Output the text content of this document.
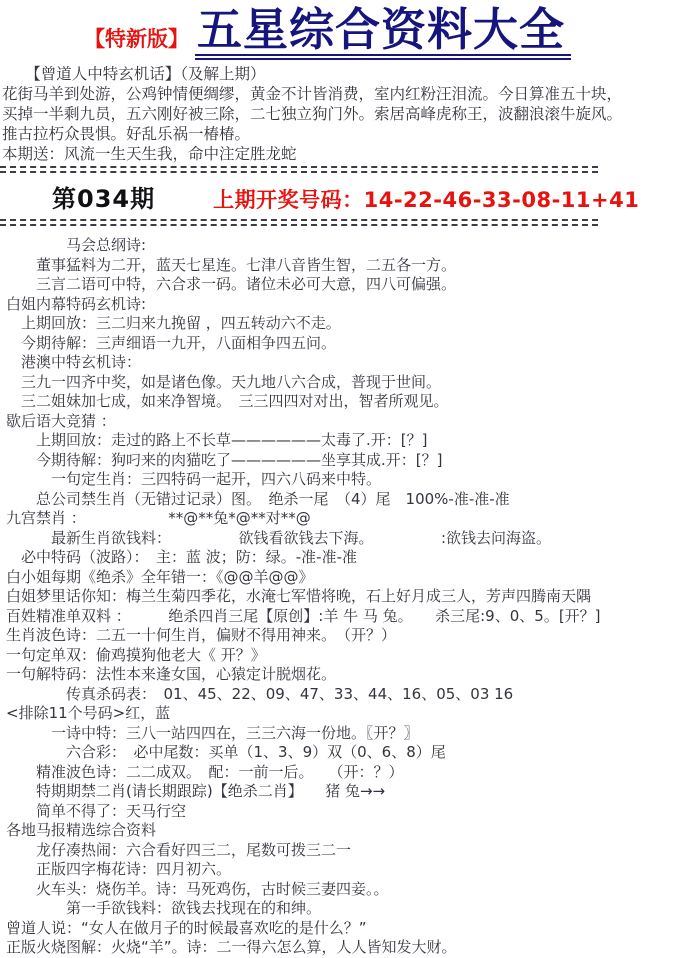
【特新版】 五星综合资料大全
　　【曾道人中特玄机话】（及解上期）
花街马羊到处游，公鸡钟情便绸缪，黄金不计皆消费，室内红粉汪泪流。今日算准五十块，
买掉一半剩九员，五六刚好被三除，二七独立狗门外。索居高峰虎称王，波翻浪滚牛旋风。
推古拉朽众畏惧。好乱乐祸一椿椿。
本期送：风流一生天生我，命中注定胜龙蛇
第034期	上期开奖号码：14-22-46-33-08-11+41
　　　　马会总纲诗:
　　董事猛料为二开，蓝天七星连。七津八音皆生智，二五各一方。
　　三言二语可中特，六合求一码。诸位未必可大意，四八可偏强。
白姐内幕特码玄机诗:
　上期回放：三二归来九挽留 ，四五转动六不走。
　今期待解：三声细语一九开，八面相争四五问。
　港澳中特玄机诗：
　三九一四齐中奖，如是诸色像。天九地八六合成，普现于世间。
　三二姐妹加七成，如来净智境。　三三四四对对出，智者所观见。
歇后语大竞猜 ：
　　上期回放：走过的路上不长草——————太毒了.开：[？]
　　今期待解：狗叼来的肉猫吃了——————坐享其成.开：[？]
　　　一句定生肖：三四特码一起开，四六八码来中特。
　　总公司禁生肖（无错过记录）图。　绝杀一尾　（4）尾　100%-准-准-准
九宫禁肖 ：　　　　　　**@**兔*@**对**@
　　　最新生肖欲钱料：　　　　　欲钱看欲钱去下海。　　　　　:欲钱去问海盗。
　必中特码（波路）：　主：蓝 波；防：绿。-准-准-准
白小姐每期《绝杀》全年错一：《@@羊@@》
白姐梦里话你知：梅兰生菊四季花，水淹七军惜将晚，石上好月成三人，芳声四腾南天隅
百姓精准单双料 ：　　　绝杀四肖三尾【原创】:羊 牛 马 兔。　　杀三尾:9、0、5。[开？]
生肖波色诗：二五一十何生肖，偏财不得用神来。　（开？）
一句定单双：偷鸡摸狗他老大《 开？》
一句解特码：法性本来逢女国，心猿定计脱烟花。
　　　　传真杀码表：　01、45、22、09、47、33、44、16、05、03 16
<排除11个号码>红，蓝
　　　一诗中特：三八一站四四在，三三六海一份地。〖开？〗
　　　　六合彩：　必中尾数：买单（1、3、9）双（0、6、8）尾
　　精准波色诗：二二成双。　配：一前一后。　　（开：？）
　　特期期禁二肖(请长期跟踪)【绝杀二肖】　　猪 兔→→
　　简单不得了：天马行空
各地马报精选综合资料
　　龙仔凑热闹：六合看好四三二，尾数可拨三二一
　　正版四字梅花诗：四月初六。
　　火车头：烧伤羊。诗：马死鸡伤，古时候三妻四妾。。
　　　　第一手欲钱料：欲钱去找现在的和绅。
曾道人说：“女人在做月子的时候最喜欢吃的是什么？”
正版火烧图解：火烧“羊”。诗：二一得六怎么算，人人皆知发大财。
